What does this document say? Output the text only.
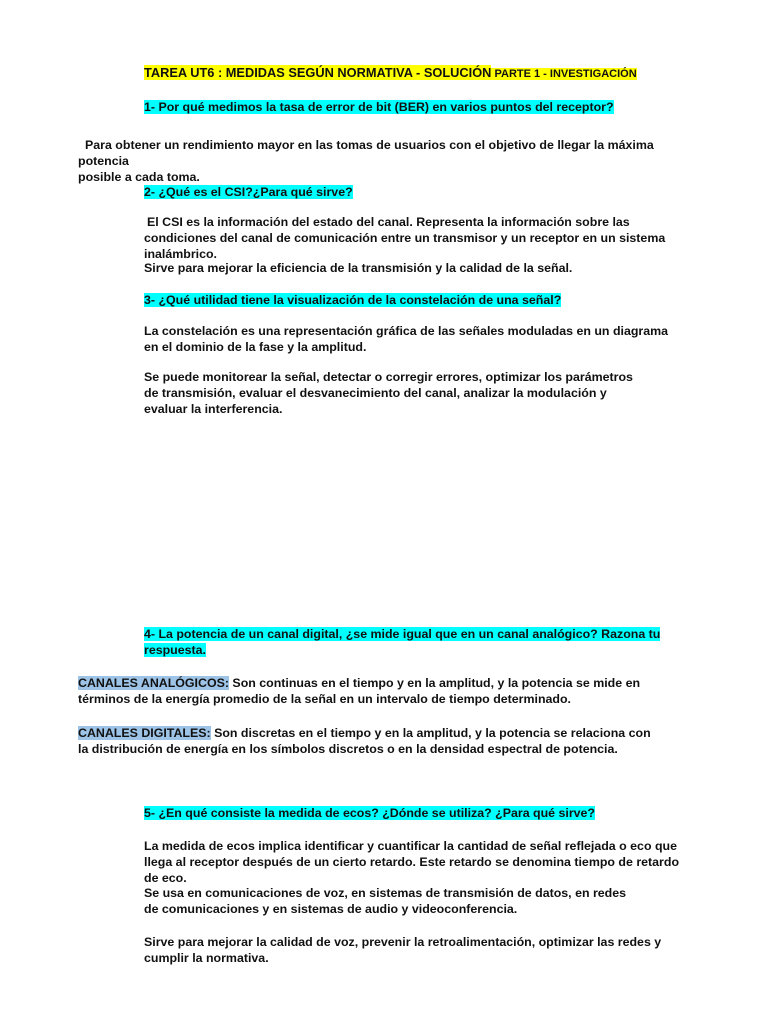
TAREA UT6 : MEDIDAS SEGÚN NORMATIVA - SOLUCIÓN PARTE 1 - INVESTIGACIÓN

1- Por qué medimos la tasa de error de bit (BER) en varios puntos del receptor?

Para obtener un rendimiento mayor en las tomas de usuarios con el objetivo de llegar la máxima potencia
posible a cada toma.

2- ¿Qué es el CSI?¿Para qué sirve?

El CSI es la información del estado del canal. Representa la información sobre las condiciones del canal de comunicación entre un transmisor y un receptor en un sistema inalámbrico.

Sirve para mejorar la eficiencia de la transmisión y la calidad de la señal.

3- ¿Qué utilidad tiene la visualización de la constelación de una señal?

La constelación es una representación gráfica de las señales moduladas en un diagrama en el dominio de la fase y la amplitud.

Se puede monitorear la señal, detectar o corregir errores, optimizar los parámetros de transmisión, evaluar el desvanecimiento del canal, analizar la modulación y evaluar la interferencia.

4- La potencia de un canal digital, ¿se mide igual que en un canal analógico? Razona tu
respuesta.

CANALES ANALÓGICOS: Son continuas en el tiempo y en la amplitud, y la potencia se mide en términos de la energía promedio de la señal en un intervalo de tiempo determinado.

CANALES DIGITALES: Son discretas en el tiempo y en la amplitud, y la potencia se relaciona con la distribución de energía en los símbolos discretos o en la densidad espectral de potencia.

5- ¿En qué consiste la medida de ecos? ¿Dónde se utiliza? ¿Para qué sirve?

La medida de ecos implica identificar y cuantificar la cantidad de señal reflejada o eco que llega al receptor después de un cierto retardo. Este retardo se denomina tiempo de retardo de eco.

Se usa en comunicaciones de voz, en sistemas de transmisión de datos, en redes de comunicaciones y en sistemas de audio y videoconferencia.

Sirve para mejorar la calidad de voz, prevenir la retroalimentación, optimizar las redes y cumplir la normativa.
